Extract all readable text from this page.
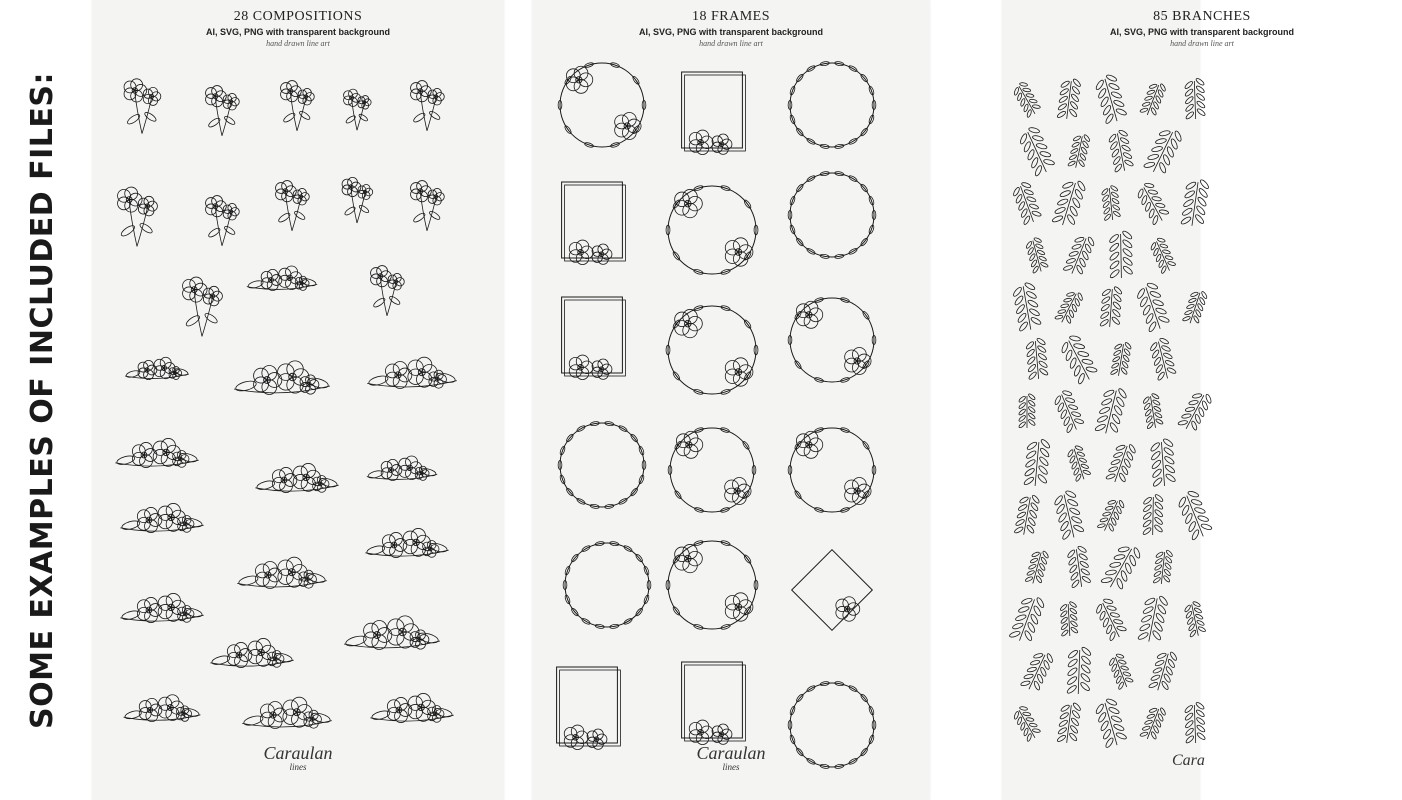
SOME EXAMPLES OF INCLUDED FILES:
28 COMPOSITIONS
AI, SVG, PNG with transparent background
hand drawn line art
Caraulan
lines
18 FRAMES
AI, SVG, PNG with transparent background
hand drawn line art
Caraulan
lines
85 BRANCHES
AI, SVG, PNG with transparent background
hand drawn line art
Cara
